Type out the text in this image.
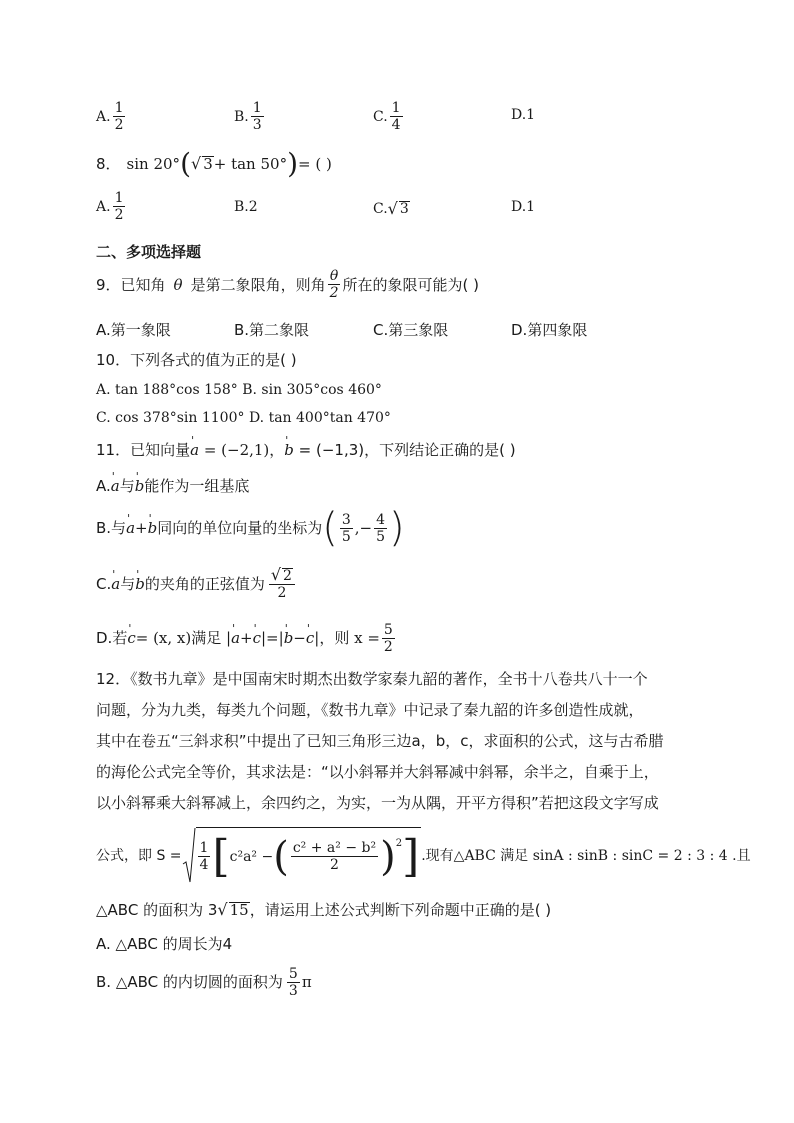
A. $\frac{1}{2}$	B. $\frac{1}{3}$	C. $\frac{1}{4}$	D.1
8． sin 20° ( √ 3 + tan 50° ) = ( )
A. $\frac{1}{2}$	B.2	C. √ 3	D.1
二、多项选择题
9．已知角 θ 是第二象限角，则角 $\frac{\theta}{2}$ 所在的象限可能为( )
A.第一象限	B.第二象限	C.第三象限	D.第四象限
10．下列各式的值为正的是( )
A. tan 188°cos 158° B. sin 305°cos 460°
C. cos 378°sin 1100° D. tan 400°tan 470°
11．已知向量' a = (−2,1)，' b = (−1,3)，下列结论正确的是( )
A.' a与' b能作为一组基底
B.与 ' a + ' b 同向的单位向量的坐标为 ( $\frac{3}{5}$ ,− $\frac{4}{5}$ )
C. ' a 与 ' b 的夹角的正弦值为 $\frac{√ 2}{2}$
D.若 ' c = (x, x)满足 | ' a + ' c |=| ' b − ' c |，则 $x = \frac{5}{2}$
12．《数书九章》是中国南宋时期杰出数学家秦九韶的著作，全书十八卷共八十一个
问题，分为九类，每类九个问题，《数书九章》中记录了秦九韶的许多创造性成就，
其中在卷五“三斜求积”中提出了已知三角形三边a，b，c，求面积的公式，这与古希腊
的海伦公式完全等价，其求法是：“以小斜幂并大斜幂减中斜幂，余半之，自乘于上，
以小斜幂乘大斜幂减上，余四约之，为实，一为从隅，开平方得积”若把这段文字写成
公式，即 $S = \frac{1}{4}$ [ c²a² − ( $\frac{\text{c² + a² − b²}}{2}$ ) 2 ] .现有△ABC 满足 sinA : sinB : sinC = 2 : 3 : 4 .且
△ABC 的面积为 3 √ 15 ，请运用上述公式判断下列命题中正确的是( )
A. △ABC 的周长为4
B. △ABC 的内切圆的面积为 $\frac{5}{3}$ π
